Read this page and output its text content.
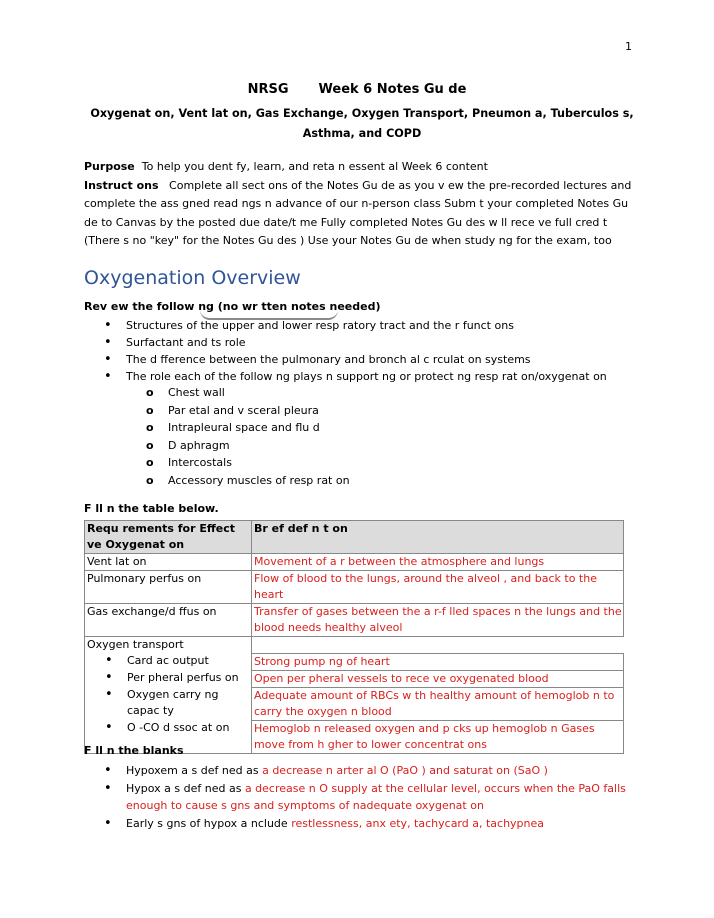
1
NRSG Week 6 Notes Gu de
Oxygenat on, Vent lat on, Gas Exchange, Oxygen Transport, Pneumon a, Tuberculos s, Asthma, and COPD
Purpose To help you dent fy, learn, and reta n essent al Week 6 content
Instruct ons Complete all sect ons of the Notes Gu de as you v ew the pre-recorded lectures and complete the ass gned read ngs n advance of our n-person class Subm t your completed Notes Gu de to Canvas by the posted due date/t me Fully completed Notes Gu des w ll rece ve full cred t (There s no "key" for the Notes Gu des ) Use your Notes Gu de when study ng for the exam, too
Oxygenation Overview
Rev ew the follow ng (no wr tten notes needed)
• Structures of the upper and lower resp ratory tract and the r funct ons
• Surfactant and ts role
• The d fference between the pulmonary and bronch al c rculat on systems
• The role each of the follow ng plays n support ng or protect ng resp rat on/oxygenat on
o Chest wall
o Par etal and v sceral pleura
o Intrapleural space and flu d
o D aphragm
o Intercostals
o Accessory muscles of resp rat on
F ll n the table below.
Requ rements for Effect ve Oxygenat on	Br ef def n t on
Vent lat on	Movement of a r between the atmosphere and lungs
Pulmonary perfus on	Flow of blood to the lungs, around the alveol , and back to the heart
Gas exchange/d ffus on	Transfer of gases between the a r-f lled spaces n the lungs and the blood needs healthy alveol
Oxygen transport	

• Card ac output	Strong pump ng of heart

• Per pheral perfus on	Open per pheral vessels to rece ve oxygenated blood

• Oxygen carry ng capac ty	Adequate amount of RBCs w th healthy amount of hemoglob n to carry the oxygen n blood

• O -CO d ssoc at on	Hemoglob n released oxygen and p cks up hemoglob n Gases move from h gher to lower concentrat ons
F ll n the blanks
• Hypoxem a s def ned as a decrease n arter al O (PaO ) and saturat on (SaO )
• Hypox a s def ned as a decrease n O supply at the cellular level, occurs when the PaO falls enough to cause s gns and symptoms of nadequate oxygenat on
• Early s gns of hypox a nclude restlessness, anx ety, tachycard a, tachypnea
